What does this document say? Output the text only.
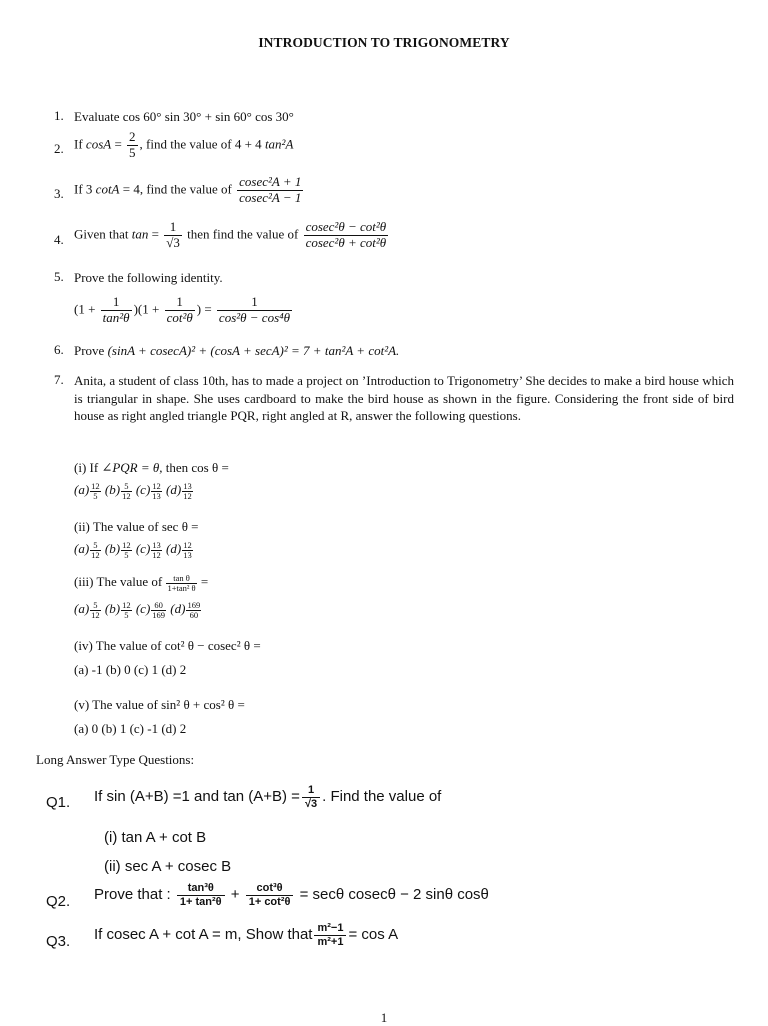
INTRODUCTION TO TRIGONOMETRY
1. Evaluate cos 60° sin 30° + sin 60° cos 30°
2. If $\cos A = \frac{2}{5}$ , find the value of 4 + 4 tan²A
3. If 3 cotA = 4, find the value of $\frac{\text{cosec²A + 1}}{\text{cosec²A − 1}}$
4. Given that $\tan = \frac{1}{√3}$ then find the value of $\frac{\text{cosec²θ − cot²θ}}{\text{cosec²θ + cot²θ}}$
5. Prove the following identity.
$(1 + \frac{1}{\text{tan²θ}} )(1 + \frac{1}{\text{cot²θ}}$ ) = $\frac{1}{\text{cos²θ − cos⁴θ}}$
6. Prove (sinA + cosecA)² + (cosA + secA)² = 7 + tan²A + cot²A.
7. Anita, a student of class 10th, has to made a project on ’Introduction to Trigonometry’ She decides to make a bird house which is triangular in shape. She uses cardboard to make the bird house as shown in the figure. Considering the front side of bird house as right angled triangle PQR, right angled at R, answer the following questions.
(i) If ∠PQR = θ, then cos θ =
$(a) \frac{12}{5} (b) \frac{5}{12} (c) \frac{12}{13} (d) \frac{13}{12}$
(ii) The value of sec θ =
$(a) \frac{5}{12} (b) \frac{12}{5} (c) \frac{13}{12} (d) \frac{12}{13}$
(iii) The value of $\frac{\text{tan θ}}{\text{1+tan² θ}}$ =
$(a) \frac{5}{12} (b) \frac{12}{5} (c) \frac{60}{169} (d) \frac{169}{60}$
(iv) The value of cot² θ − cosec² θ =
(a) -1 (b) 0 (c) 1 (d) 2
(v) The value of sin² θ + cos² θ =
(a) 0 (b) 1 (c) -1 (d) 2
Long Answer Type Questions:
Q1. If sin (A+B) =1 and $\tan (A+B) = \frac{1}{√3}$ . Find the value of
(i) tan A + cot B
(ii) sec A + cosec B
Q2. Prove that : $\frac{\text{tan³θ}}{\text{1+ tan²θ}} + \frac{\text{cot³θ}}{\text{1+ cot²θ}} = \sec\theta$ cosecθ − 2 sinθ cosθ
Q3. If cosec A + cot A = m, Show that $\frac{\text{m²−1}}{\text{m²+1}} = \cos A$
1
